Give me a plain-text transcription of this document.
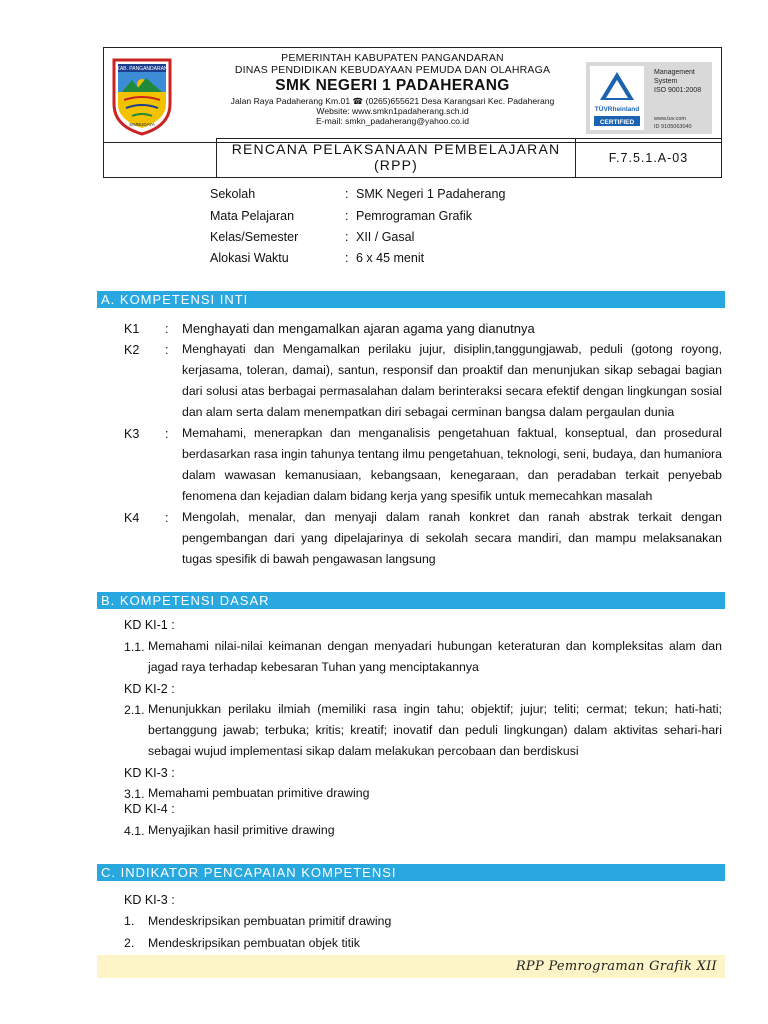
KAB. PANGANDARAN
SIMBUDAYA
PEMERINTAH KABUPATEN PANGANDARAN
DINAS PENDIDIKAN KEBUDAYAAN PEMUDA DAN OLAHRAGA
SMK NEGERI 1 PADAHERANG
Jalan Raya Padaherang Km.01 ☎ (0265)655621 Desa Karangsari Kec. Padaherang
Website: www.smkn1padaherang.sch.id
E-mail: smkn_padaherang@yahoo.co.id
TÜVRheinland
CERTIFIED
Management
System
ISO 9001:2008
www.tuv.com
ID 9105063040
RENCANA PELAKSANAAN PEMBELAJARAN
(RPP)	F.7.5.1.A-03
Sekolah	: SMK Negeri 1 Padaherang
Mata Pelajaran	: Pemrograman Grafik
Kelas/Semester	: XII / Gasal
Alokasi Waktu	: 6 x 45 menit
A. KOMPETENSI INTI
K1 : Menghayati dan mengamalkan ajaran agama yang dianutnya
K2 : Menghayati dan Mengamalkan perilaku jujur, disiplin,tanggungjawab, peduli (gotong royong, kerjasama, toleran, damai), santun, responsif dan proaktif dan menunjukan sikap sebagai bagian dari solusi atas berbagai permasalahan dalam berinteraksi secara efektif dengan lingkungan sosial dan alam serta dalam menempatkan diri sebagai cerminan bangsa dalam pergaulan dunia
K3 : Memahami, menerapkan dan menganalisis pengetahuan faktual, konseptual, dan prosedural berdasarkan rasa ingin tahunya tentang ilmu pengetahuan, teknologi, seni, budaya, dan humaniora dalam wawasan kemanusiaan, kebangsaan, kenegaraan, dan peradaban terkait penyebab fenomena dan kejadian dalam bidang kerja yang spesifik untuk memecahkan masalah
K4 : Mengolah, menalar, dan menyaji dalam ranah konkret dan ranah abstrak terkait dengan pengembangan dari yang dipelajarinya di sekolah secara mandiri, dan mampu melaksanakan tugas spesifik di bawah pengawasan langsung
B. KOMPETENSI DASAR
KD KI-1 :
1.1. Memahami nilai-nilai keimanan dengan menyadari hubungan keteraturan dan kompleksitas alam dan jagad raya terhadap kebesaran Tuhan yang menciptakannya
KD KI-2 :
2.1. Menunjukkan perilaku ilmiah (memiliki rasa ingin tahu; objektif; jujur; teliti; cermat; tekun; hati-hati; bertanggung jawab; terbuka; kritis; kreatif; inovatif dan peduli lingkungan) dalam aktivitas sehari-hari sebagai wujud implementasi sikap dalam melakukan percobaan dan berdiskusi
KD KI-3 :
3.1. Memahami pembuatan primitive drawing
KD KI-4 :
4.1. Menyajikan hasil primitive drawing
C. INDIKATOR PENCAPAIAN KOMPETENSI
KD KI-3 :
1. Mendeskripsikan pembuatan primitif drawing
2. Mendeskripsikan pembuatan objek titik
RPP Pemrograman Grafik XII
